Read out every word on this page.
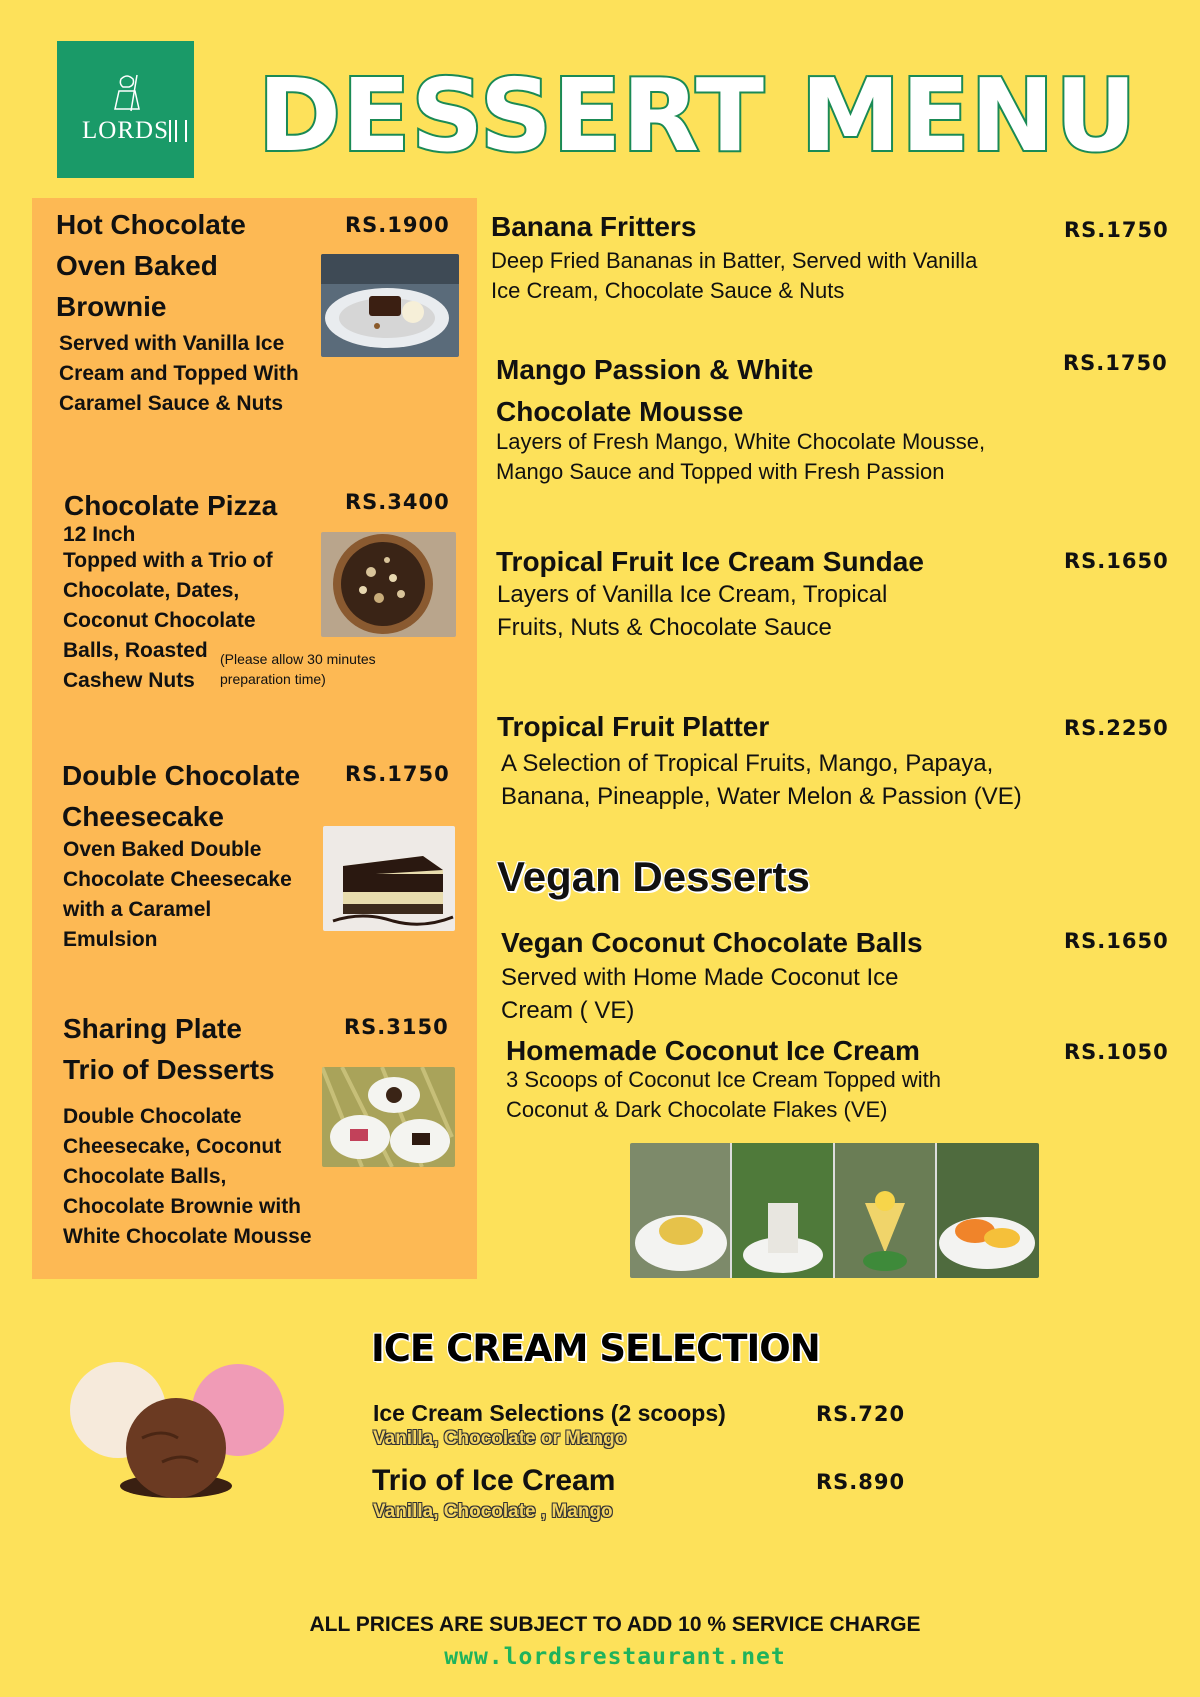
LORDS DESSERT MENU
Hot Chocolate
Oven Baked
Brownie
RS.1900
Served with Vanilla Ice
Cream and Topped With
Caramel Sauce & Nuts
Chocolate Pizza	RS.3400
12 Inch
Topped with a Trio of
Chocolate, Dates,
Coconut Chocolate
Balls, Roasted
Cashew Nuts
(Please allow 30 minutes
preparation time)
Double Chocolate
Cheesecake
RS.1750
Oven Baked Double
Chocolate Cheesecake
with a Caramel
Emulsion
Sharing Plate
Trio of Desserts
RS.3150
Double Chocolate
Cheesecake, Coconut
Chocolate Balls,
Chocolate Brownie with
White Chocolate Mousse
Banana Fritters	RS.1750
Deep Fried Bananas in Batter, Served with Vanilla
Ice Cream, Chocolate Sauce & Nuts
Mango Passion & White
Chocolate Mousse
RS.1750
Layers of Fresh Mango, White Chocolate Mousse,
Mango Sauce and Topped with Fresh Passion
Tropical Fruit Ice Cream Sundae	RS.1650
Layers of Vanilla Ice Cream, Tropical
Fruits, Nuts & Chocolate Sauce
Tropical Fruit Platter	RS.2250
A Selection of Tropical Fruits, Mango, Papaya,
Banana, Pineapple, Water Melon & Passion (VE)
Vegan Desserts
Vegan Coconut Chocolate Balls	RS.1650
Served with Home Made Coconut Ice
Cream ( VE)
Homemade Coconut Ice Cream	RS.1050
3 Scoops of Coconut Ice Cream Topped with
Coconut & Dark Chocolate Flakes (VE)
ICE CREAM SELECTION
Ice Cream Selections (2 scoops)	RS.720
Vanilla, Chocolate or Mango
Trio of Ice Cream	RS.890
Vanilla, Chocolate , Mango
ALL PRICES ARE SUBJECT TO ADD 10 % SERVICE CHARGE
www.lordsrestaurant.net
